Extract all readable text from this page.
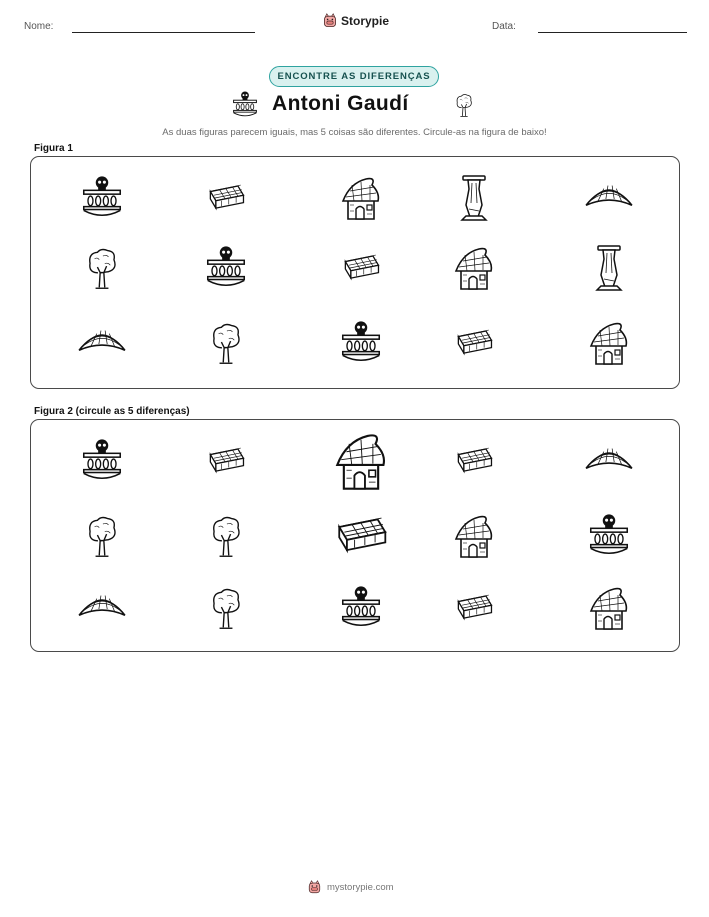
Nome:	Storypie	Data:
ENCONTRE AS DIFERENÇAS
Antoni Gaudí
As duas figuras parecem iguais, mas 5 coisas são diferentes. Circule-as na figura de baixo!
Figura 1
Figura 2 (circule as 5 diferenças)
mystorypie.com
